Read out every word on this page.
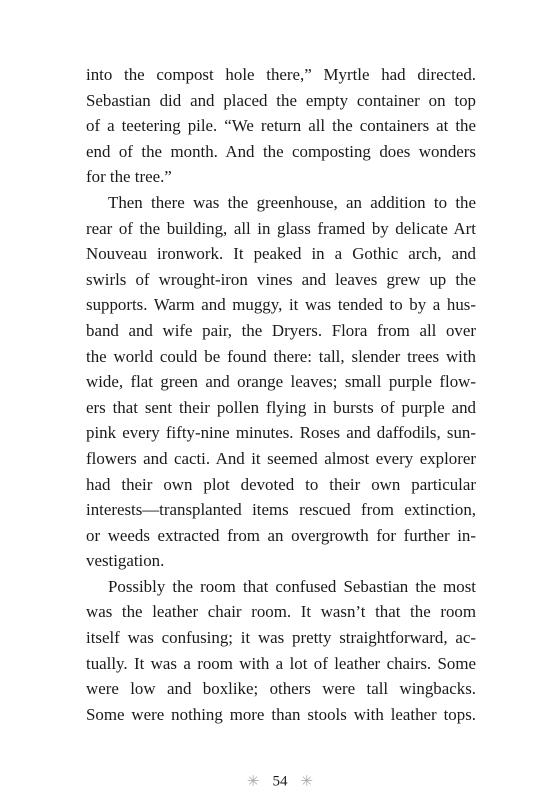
into the compost hole there,” Myrtle had directed.
Sebastian did and placed the empty container on top
of a teetering pile. “We return all the containers at the
end of the month. And the composting does wonders
for the tree.”

Then there was the greenhouse, an addition to the
rear of the building, all in glass framed by delicate Art
Nouveau ironwork. It peaked in a Gothic arch, and
swirls of wrought-iron vines and leaves grew up the
supports. Warm and muggy, it was tended to by a hus-
band and wife pair, the Dryers. Flora from all over
the world could be found there: tall, slender trees with
wide, flat green and orange leaves; small purple flow-
ers that sent their pollen flying in bursts of purple and
pink every fifty-nine minutes. Roses and daffodils, sun-
flowers and cacti. And it seemed almost every explorer
had their own plot devoted to their own particular
interests—transplanted items rescued from extinction,
or weeds extracted from an overgrowth for further in-
vestigation.

Possibly the room that confused Sebastian the most
was the leather chair room. It wasn’t that the room
itself was confusing; it was pretty straightforward, ac-
tually. It was a room with a lot of leather chairs. Some
were low and boxlike; others were tall wingbacks.
Some were nothing more than stools with leather tops.

✳ 54 ✳
